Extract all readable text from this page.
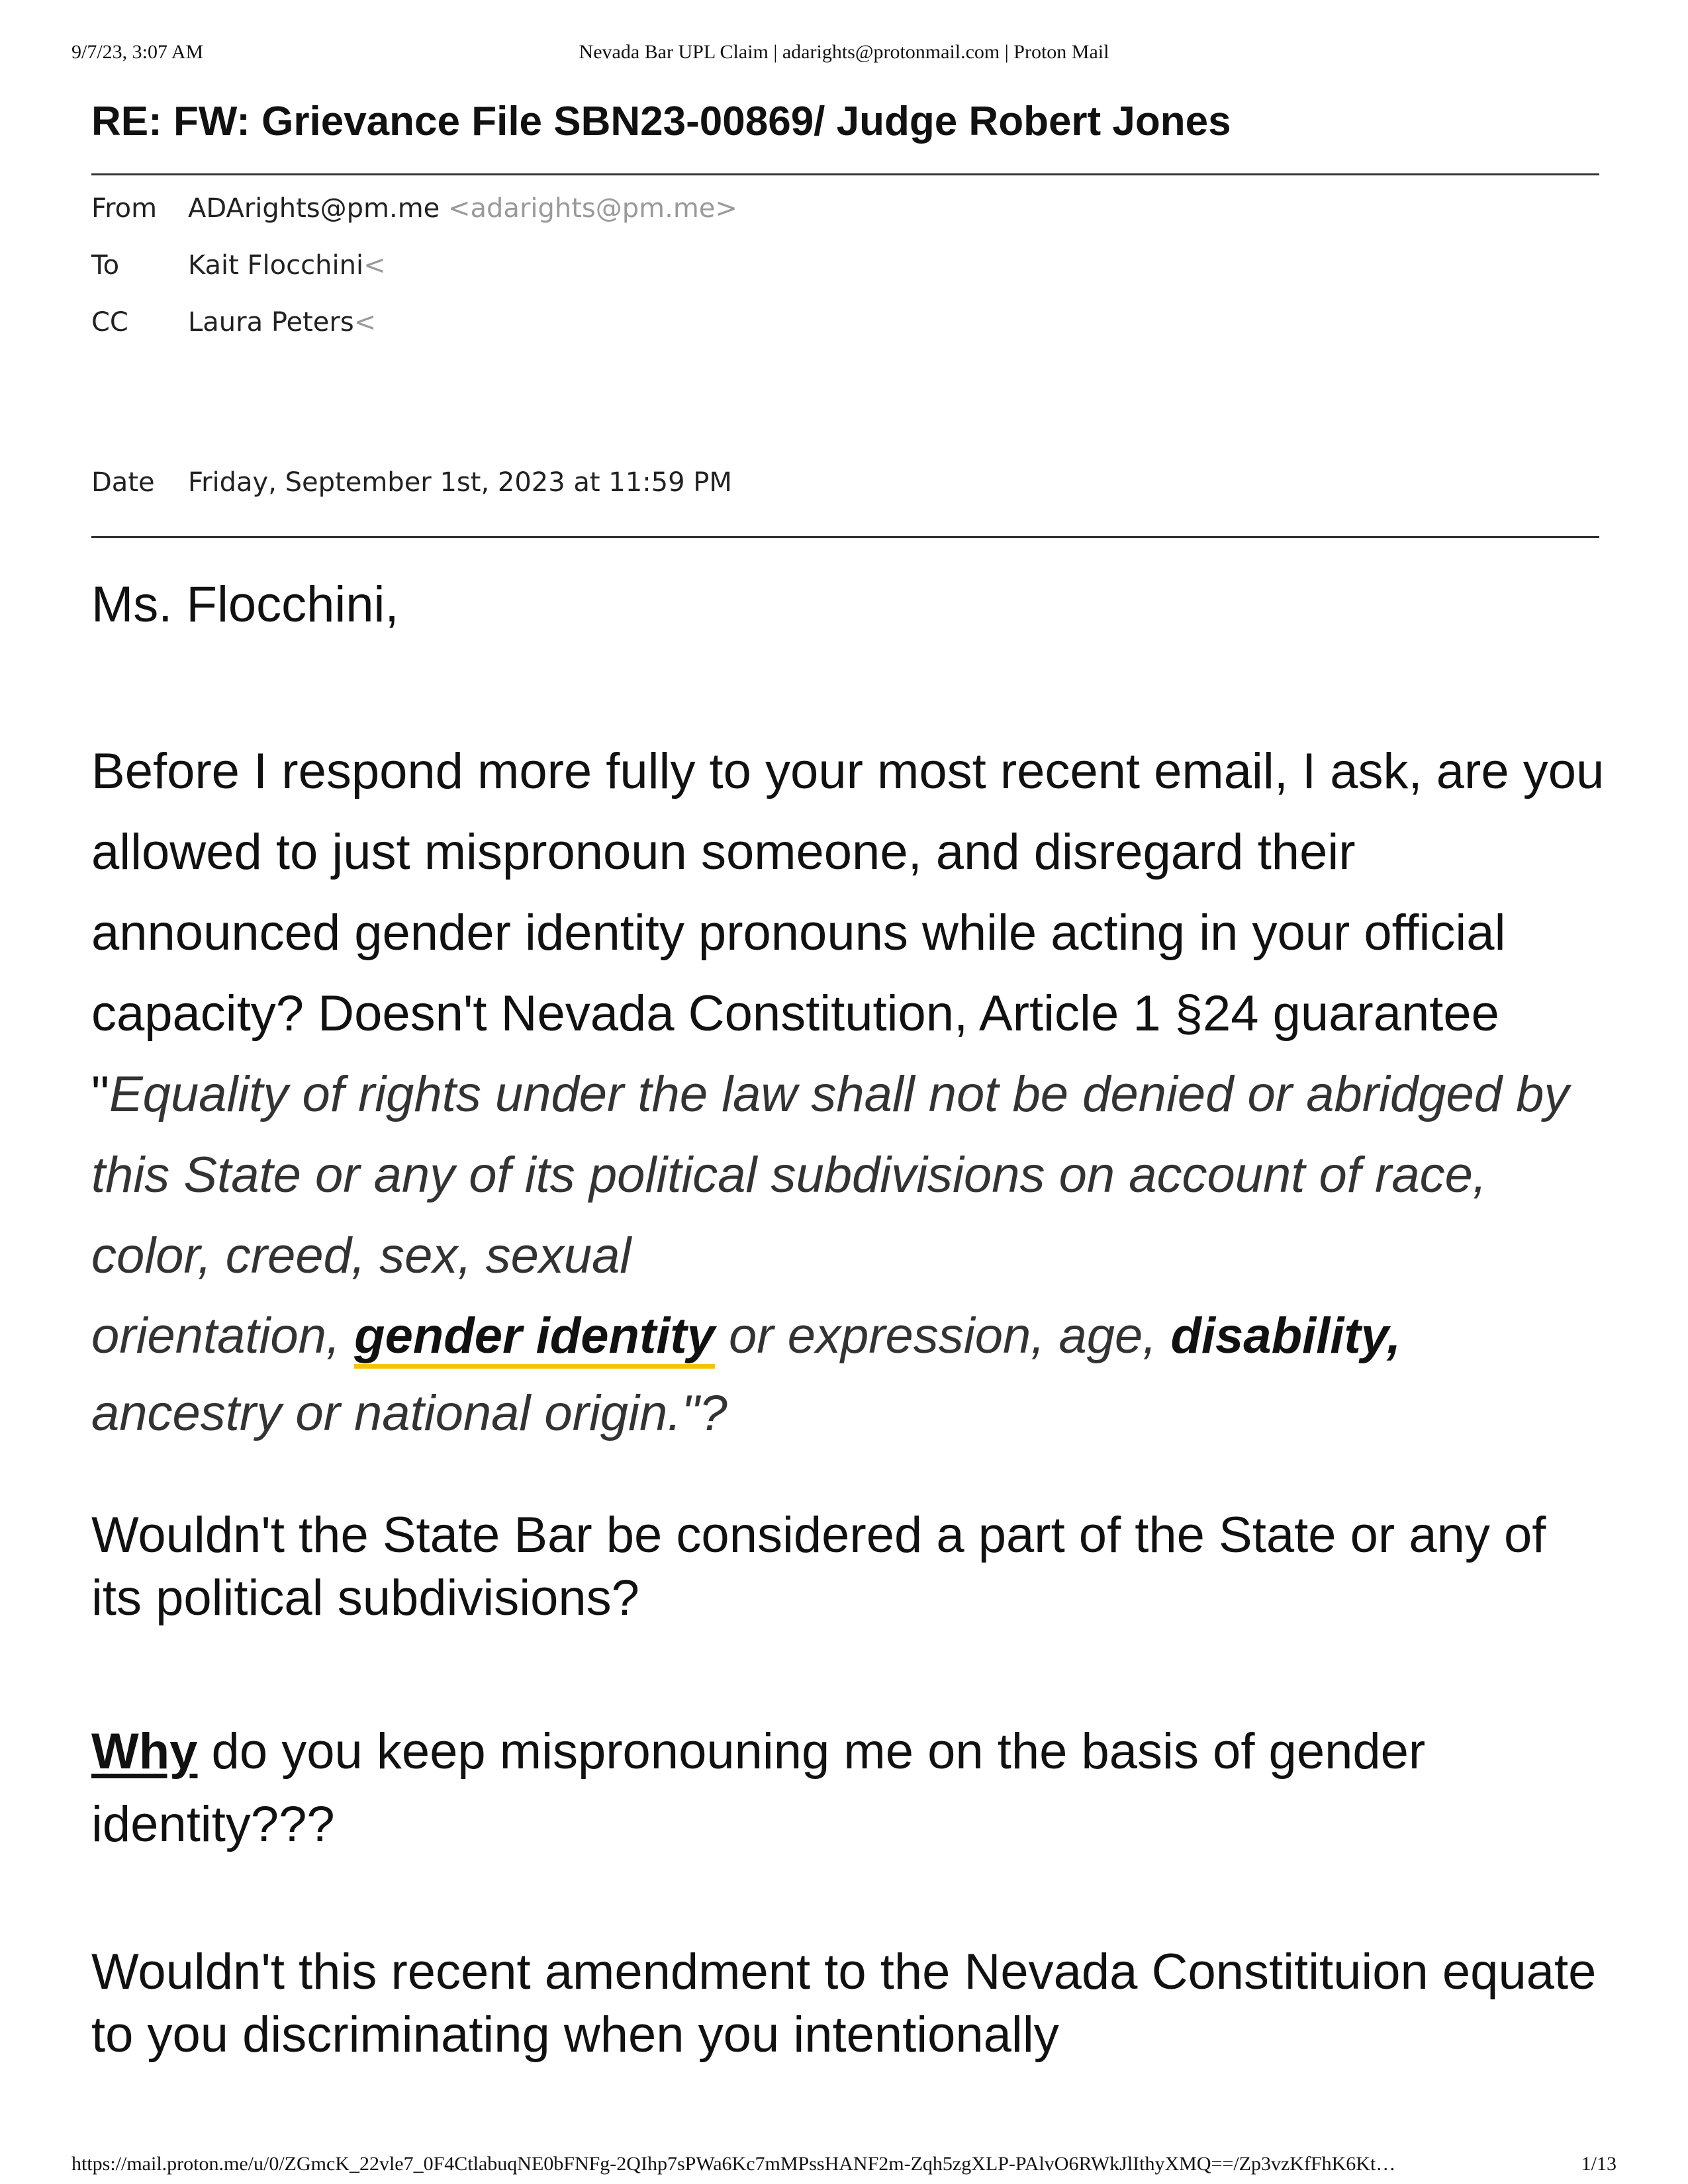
9/7/23, 3:07 AM	Nevada Bar UPL Claim | adarights@protonmail.com | Proton Mail
RE: FW: Grievance File SBN23-00869/ Judge Robert Jones
From ADArights@pm.me <adarights@pm.me>
To	Kait Flocchini<
CC Laura Peters<
Date Friday, September 1st, 2023 at 11:59 PM
Ms. Flocchini,
Before I respond more fully to your most recent email, I ask, are you allowed to just mispronoun someone, and disregard their announced gender identity pronouns while acting in your official capacity? Doesn't Nevada Constitution, Article 1 §24 guarantee "Equality of rights under the law shall not be denied or abridged by this State or any of its political subdivisions on account of race, color, creed, sex, sexual
orientation, gender identity or expression, age, disability,
ancestry or national origin."?
Wouldn't the State Bar be considered a part of the State or any of its political subdivisions?
Why do you keep mispronouning me on the basis of gender identity???
Wouldn't this recent amendment to the Nevada Constitituion equate to you discriminating when you intentionally
https://mail.proton.me/u/0/ZGmcK_22vle7_0F4CtlabuqNE0bFNFg-2QIhp7sPWa6Kc7mMPssHANF2m-Zqh5zgXLP-PAlvO6RWkJlIthyXMQ==/Zp3vzKfFhK6Kt…	1/13
